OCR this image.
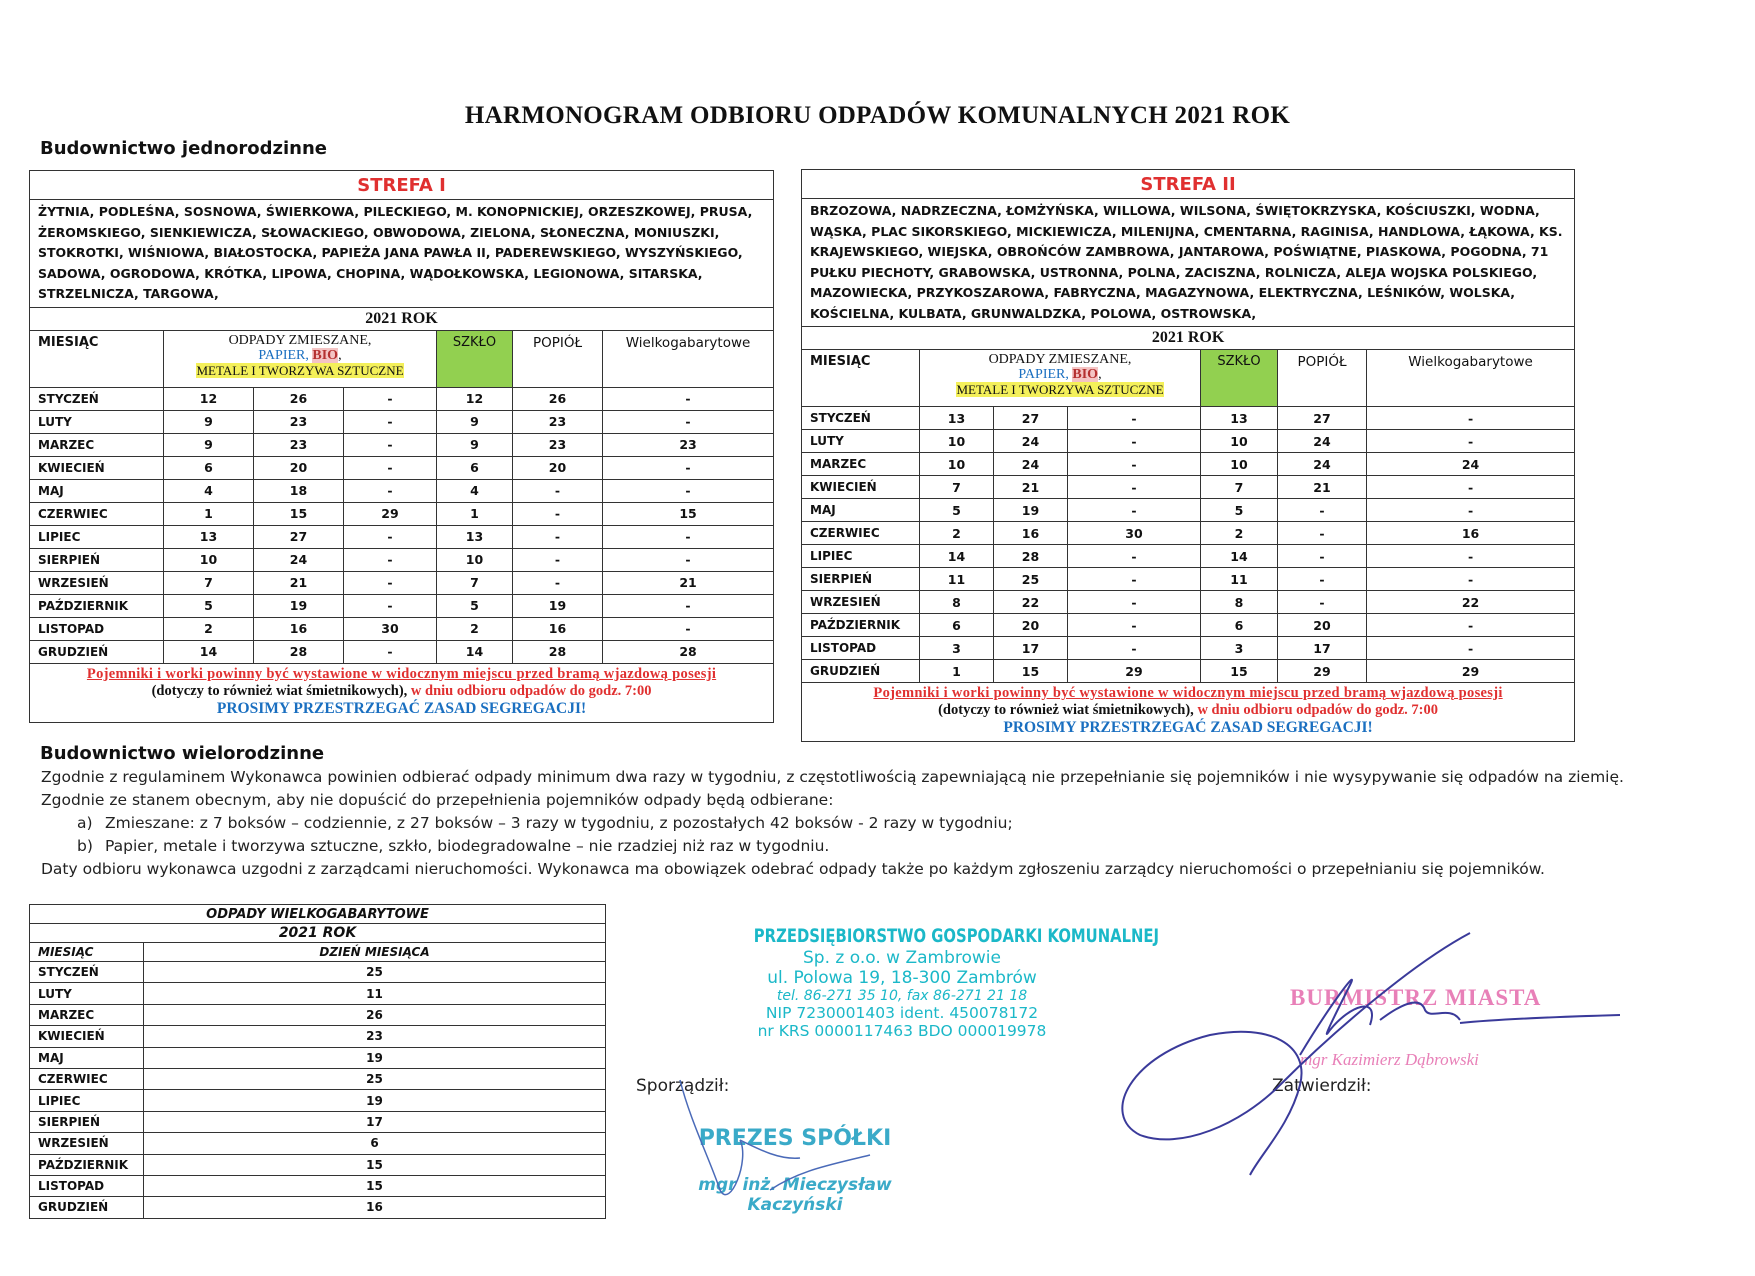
HARMONOGRAM ODBIORU ODPADÓW KOMUNALNYCH 2021 ROK
Budownictwo jednorodzinne
STREFA I						
ŻYTNIA, PODLEŚNA, SOSNOWA, ŚWIERKOWA, PILECKIEGO, M. KONOPNICKIEJ, ORZESZKOWEJ, PRUSA, ŻEROMSKIEGO, SIENKIEWICZA, SŁOWACKIEGO, OBWODOWA, ZIELONA, SŁONECZNA, MONIUSZKI, STOKROTKI, WIŚNIOWA, BIAŁOSTOCKA, PAPIEŻA JANA PAWŁA II, PADEREWSKIEGO, WYSZYŃSKIEGO, SADOWA, OGRODOWA, KRÓTKA, LIPOWA, CHOPINA, WĄDOŁKOWSKA, LEGIONOWA, SITARSKA, STRZELNICZA, TARGOWA,						
2021 ROK						
MIESIĄC	ODPADY ZMIESZANE,
PAPIER, BIO,
METALE I TWORZYWA SZTUCZNE			SZKŁO	POPIÓŁ	Wielkogabarytowe
STYCZEŃ	12	26	-	12	26	-
LUTY	9	23	-	9	23	-
MARZEC	9	23	-	9	23	23
KWIECIEŃ	6	20	-	6	20	-
MAJ	4	18	-	4	-	-
CZERWIEC	1	15	29	1	-	15
LIPIEC	13	27	-	13	-	-
SIERPIEŃ	10	24	-	10	-	-
WRZESIEŃ	7	21	-	7	-	21
PAŹDZIERNIK	5	19	-	5	19	-
LISTOPAD	2	16	30	2	16	-
GRUDZIEŃ	14	28	-	14	28	28

Pojemniki i worki powinny być wystawione w widocznym miejscu przed bramą wjazdową posesji
(dotyczy to również wiat śmietnikowych), w dniu odbioru odpadów do godz. 7:00
PROSIMY PRZESTRZEGAĆ ZASAD SEGREGACJI!						
STREFA II						
BRZOZOWA, NADRZECZNA, ŁOMŻYŃSKA, WILLOWA, WILSONA, ŚWIĘTOKRZYSKA, KOŚCIUSZKI, WODNA, WĄSKA, PLAC SIKORSKIEGO, MICKIEWICZA, MILENIJNA, CMENTARNA, RAGINISA, HANDLOWA, ŁĄKOWA, KS. KRAJEWSKIEGO, WIEJSKA, OBROŃCÓW ZAMBROWA, JANTAROWA, POŚWIĄTNE, PIASKOWA, POGODNA, 71 PUŁKU PIECHOTY, GRABOWSKA, USTRONNA, POLNA, ZACISZNA, ROLNICZA, ALEJA WOJSKA POLSKIEGO, MAZOWIECKA, PRZYKOSZAROWA, FABRYCZNA, MAGAZYNOWA, ELEKTRYCZNA, LEŚNIKÓW, WOLSKA, KOŚCIELNA, KULBATA, GRUNWALDZKA, POLOWA, OSTROWSKA,						
2021 ROK						
MIESIĄC	ODPADY ZMIESZANE,
PAPIER, BIO,
METALE I TWORZYWA SZTUCZNE			SZKŁO	POPIÓŁ	Wielkogabarytowe
STYCZEŃ	13	27	-	13	27	-
LUTY	10	24	-	10	24	-
MARZEC	10	24	-	10	24	24
KWIECIEŃ	7	21	-	7	21	-
MAJ	5	19	-	5	-	-
CZERWIEC	2	16	30	2	-	16
LIPIEC	14	28	-	14	-	-
SIERPIEŃ	11	25	-	11	-	-
WRZESIEŃ	8	22	-	8	-	22
PAŹDZIERNIK	6	20	-	6	20	-
LISTOPAD	3	17	-	3	17	-
GRUDZIEŃ	1	15	29	15	29	29

Pojemniki i worki powinny być wystawione w widocznym miejscu przed bramą wjazdową posesji
(dotyczy to również wiat śmietnikowych), w dniu odbioru odpadów do godz. 7:00
PROSIMY PRZESTRZEGAĆ ZASAD SEGREGACJI!						
Budownictwo wielorodzinne
Zgodnie z regulaminem Wykonawca powinien odbierać odpady minimum dwa razy w tygodniu, z częstotliwością zapewniającą nie przepełnianie się pojemników i nie wysypywanie się odpadów na ziemię.
Zgodnie ze stanem obecnym, aby nie dopuścić do przepełnienia pojemników odpady będą odbierane:
a) Zmieszane: z 7 boksów – codziennie, z 27 boksów – 3 razy w tygodniu, z pozostałych 42 boksów - 2 razy w tygodniu;
b) Papier, metale i tworzywa sztuczne, szkło, biodegradowalne – nie rzadziej niż raz w tygodniu.
Daty odbioru wykonawca uzgodni z zarządcami nieruchomości. Wykonawca ma obowiązek odebrać odpady także po każdym zgłoszeniu zarządcy nieruchomości o przepełnianiu się pojemników.
ODPADY WIELKOGABARYTOWE	
2021 ROK	
MIESIĄC	DZIEŃ MIESIĄCA
STYCZEŃ	25
LUTY	11
MARZEC	26
KWIECIEŃ	23
MAJ	19
CZERWIEC	25
LIPIEC	19
SIERPIEŃ	17
WRZESIEŃ	6
PAŹDZIERNIK	15
LISTOPAD	15
GRUDZIEŃ	16
PRZEDSIĘBIORSTWO GOSPODARKI KOMUNALNEJ
Sp. z o.o. w Zambrowie
ul. Polowa 19, 18-300 Zambrów
tel. 86-271 35 10, fax 86-271 21 18
NIP 7230001403 ident. 450078172
nr KRS 0000117463 BDO 000019978
Sporządził:	Zatwierdził:
PREZES SPÓŁKI
mgr inż. Mieczysław Kaczyński
BURMISTRZ MIASTA
mgr Kazimierz Dąbrowski
